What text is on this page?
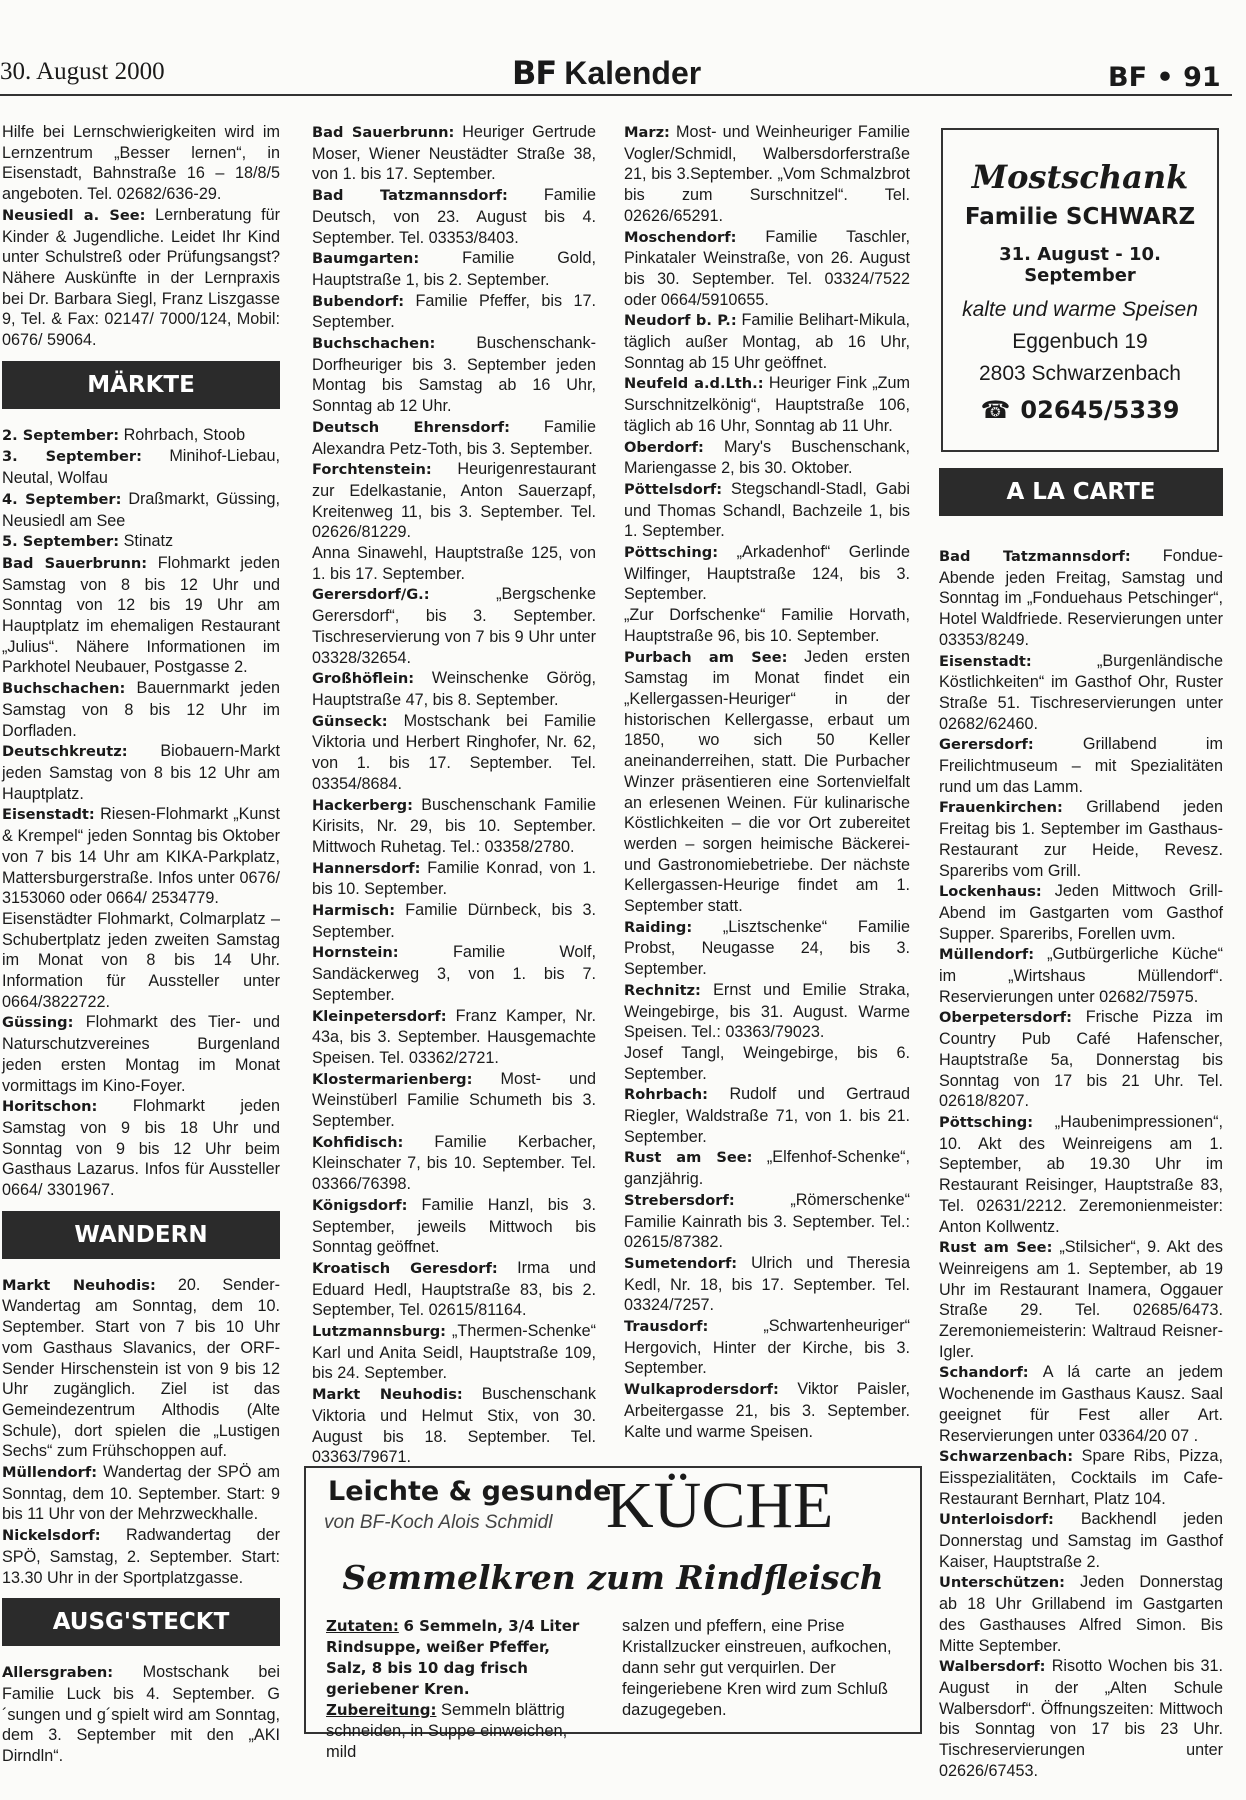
30. August 2000	BF Kalender	BF • 91

Hilfe bei Lernschwierigkeiten wird im Lernzentrum „Besser lernen“, in Eisenstadt, Bahnstraße 16 – 18/8/5 angeboten. Tel. 02682/636-29.

Neusiedl a. See: Lernberatung für Kinder & Jugendliche. Leidet Ihr Kind unter Schulstreß oder Prüfungsangst? Nähere Auskünfte in der Lernpraxis bei Dr. Barbara Siegl, Franz Liszgasse 9, Tel. & Fax: 02147/ 7000/124, Mobil: 0676/ 59064.

MÄRKTE

2. September: Rohrbach, Stoob

3. September: Minihof-Liebau, Neutal, Wolfau

4. September: Draßmarkt, Güssing, Neusiedl am See

5. September: Stinatz

Bad Sauerbrunn: Flohmarkt jeden Samstag von 8 bis 12 Uhr und Sonntag von 12 bis 19 Uhr am Hauptplatz im ehemaligen Restaurant „Julius“. Nähere Informationen im Parkhotel Neubauer, Postgasse 2.

Buchschachen: Bauernmarkt jeden Samstag von 8 bis 12 Uhr im Dorfladen.

Deutschkreutz: Biobauern-Markt jeden Samstag von 8 bis 12 Uhr am Hauptplatz.

Eisenstadt: Riesen-Flohmarkt „Kunst & Krempel“ jeden Sonntag bis Oktober von 7 bis 14 Uhr am KIKA-Parkplatz, Mattersburgerstraße. Infos unter 0676/ 3153060 oder 0664/ 2534779.

Eisenstädter Flohmarkt, Colmarplatz – Schubertplatz jeden zweiten Samstag im Monat von 8 bis 14 Uhr. Information für Aussteller unter 0664/3822722.

Güssing: Flohmarkt des Tier- und Naturschutzvereines Burgenland jeden ersten Montag im Monat vormittags im Kino-Foyer.

Horitschon: Flohmarkt jeden Samstag von 9 bis 18 Uhr und Sonntag von 9 bis 12 Uhr beim Gasthaus Lazarus. Infos für Aussteller 0664/ 3301967.

WANDERN

Markt Neuhodis: 20. Sender-Wandertag am Sonntag, dem 10. September. Start von 7 bis 10 Uhr vom Gasthaus Slavanics, der ORF-Sender Hirschenstein ist von 9 bis 12 Uhr zugänglich. Ziel ist das Gemeindezentrum Althodis (Alte Schule), dort spielen die „Lustigen Sechs“ zum Frühschoppen auf.

Müllendorf: Wandertag der SPÖ am Sonntag, dem 10. September. Start: 9 bis 11 Uhr von der Mehrzweckhalle.

Nickelsdorf: Radwandertag der SPÖ, Samstag, 2. September. Start: 13.30 Uhr in der Sportplatzgasse.

AUSG'STECKT

Allersgraben: Mostschank bei Familie Luck bis 4. September. G´sungen und g´spielt wird am Sonntag, dem 3. September mit den „AKI Dirndln“.

Bad Sauerbrunn: Heuriger Gertrude Moser, Wiener Neustädter Straße 38, von 1. bis 17. September.

Bad Tatzmannsdorf: Familie Deutsch, von 23. August bis 4. September. Tel. 03353/8403.

Baumgarten:	Familie Gold, Hauptstraße 1, bis 2. September.

Bubendorf: Familie Pfeffer, bis 17. September.

Buchschachen:	Buschenschank-Dorfheuriger bis 3. September jeden Montag bis Samstag ab 16 Uhr, Sonntag ab 12 Uhr.

Deutsch Ehrensdorf: Familie Alexandra Petz-Toth, bis 3. September.

Forchtenstein: Heurigenrestaurant zur Edelkastanie, Anton Sauerzapf, Kreitenweg 11, bis 3. September. Tel. 02626/81229.

Anna Sinawehl, Hauptstraße 125, von 1. bis 17. September.

Gerersdorf/G.:	„Bergschenke Gerersdorf“, bis 3. September. Tischreservierung von 7 bis 9 Uhr unter 03328/32654.

Großhöflein: Weinschenke Görög, Hauptstraße 47, bis 8. September.

Günseck: Mostschank bei Familie Viktoria und Herbert Ringhofer, Nr. 62, von 1. bis 17. September. Tel. 03354/8684.

Hackerberg: Buschenschank Familie Kirisits, Nr. 29, bis 10. September. Mittwoch Ruhetag. Tel.: 03358/2780.

Hannersdorf: Familie Konrad, von 1. bis 10. September.

Harmisch: Familie Dürnbeck, bis 3. September.

Hornstein:	Familie Wolf, Sandäckerweg 3, von 1. bis 7. September.

Kleinpetersdorf: Franz Kamper, Nr. 43a, bis 3. September. Hausgemachte Speisen. Tel. 03362/2721.

Klostermarienberg: Most- und Weinstüberl Familie Schumeth bis 3. September.

Kohfidisch: Familie Kerbacher, Kleinschater 7, bis 10. September. Tel. 03366/76398.

Königsdorf: Familie Hanzl, bis 3. September, jeweils Mittwoch bis Sonntag geöffnet.

Kroatisch Geresdorf: Irma und Eduard Hedl, Hauptstraße 83, bis 2. September, Tel. 02615/81164.

Lutzmannsburg: „Thermen-Schenke“ Karl und Anita Seidl, Hauptstraße 109, bis 24. September.

Markt Neuhodis: Buschenschank Viktoria und Helmut Stix, von 30. August bis 18. September. Tel. 03363/79671.

Marz: Most- und Weinheuriger Familie Vogler/Schmidl, Walbersdorferstraße 21, bis 3.September. „Vom Schmalzbrot bis zum Surschnitzel“. Tel. 02626/65291.

Moschendorf: Familie Taschler, Pinkataler Weinstraße, von 26. August bis 30. September. Tel. 03324/7522 oder 0664/5910655.

Neudorf b. P.: Familie Belihart-Mikula, täglich außer Montag, ab 16 Uhr, Sonntag ab 15 Uhr geöffnet.

Neufeld a.d.Lth.: Heuriger Fink „Zum Surschnitzelkönig“, Hauptstraße 106, täglich ab 16 Uhr, Sonntag ab 11 Uhr.

Oberdorf: Mary's Buschenschank, Mariengasse 2, bis 30. Oktober.

Pöttelsdorf: Stegschandl-Stadl, Gabi und Thomas Schandl, Bachzeile 1, bis 1. September.

Pöttsching: „Arkadenhof“ Gerlinde Wilfinger, Hauptstraße 124, bis 3. September.

„Zur Dorfschenke“ Familie Horvath, Hauptstraße 96, bis 10. September.

Purbach am See: Jeden ersten Samstag im Monat findet ein „Kellergassen-Heuriger“ in der historischen Kellergasse, erbaut um 1850, wo sich 50 Keller aneinanderreihen, statt. Die Purbacher Winzer präsentieren eine Sortenvielfalt an erlesenen Weinen. Für kulinarische Köstlichkeiten – die vor Ort zubereitet werden – sorgen heimische Bäckerei- und Gastronomiebetriebe. Der nächste Kellergassen-Heurige findet am 1. September statt.

Raiding: „Lisztschenke“ Familie Probst, Neugasse 24, bis 3. September.

Rechnitz: Ernst und Emilie Straka, Weingebirge, bis 31. August. Warme Speisen. Tel.: 03363/79023.

Josef Tangl, Weingebirge, bis 6. September.

Rohrbach: Rudolf und Gertraud Riegler, Waldstraße 71, von 1. bis 21. September.

Rust am See: „Elfenhof-Schenke“, ganzjährig.

Strebersdorf:	„Römerschenke“ Familie Kainrath bis 3. September. Tel.: 02615/87382.

Sumetendorf: Ulrich und Theresia Kedl, Nr. 18, bis 17. September. Tel. 03324/7257.

Trausdorf:	„Schwartenheuriger“ Hergovich, Hinter der Kirche, bis 3. September.

Wulkaprodersdorf: Viktor Paisler, Arbeitergasse 21, bis 3. September. Kalte und warme Speisen.

Mostschank
Familie SCHWARZ
31. August - 10. September
kalte und warme Speisen
Eggenbuch 19
2803 Schwarzenbach
☎ 02645/5339
A LA CARTE

Bad Tatzmannsdorf: Fondue-Abende jeden Freitag, Samstag und Sonntag im „Fonduehaus Petschinger“, Hotel Waldfriede. Reservierungen unter 03353/8249.

Eisenstadt:	„Burgenländische Köstlichkeiten“ im Gasthof Ohr, Ruster Straße 51. Tischreservierungen unter 02682/62460.

Gerersdorf:	Grillabend im Freilichtmuseum – mit Spezialitäten rund um das Lamm.

Frauenkirchen: Grillabend jeden Freitag bis 1. September im Gasthaus-Restaurant zur Heide, Revesz. Spareribs vom Grill.

Lockenhaus: Jeden Mittwoch Grill-Abend im Gastgarten vom Gasthof Supper. Spareribs, Forellen uvm.

Müllendorf: „Gutbürgerliche Küche“ im „Wirtshaus Müllendorf“. Reservierungen unter 02682/75975.

Oberpetersdorf: Frische Pizza im Country Pub Café Hafenscher, Hauptstraße 5a, Donnerstag bis Sonntag von 17 bis 21 Uhr. Tel. 02618/8207.

Pöttsching: „Haubenimpressionen“, 10. Akt des Weinreigens am 1. September, ab 19.30 Uhr im Restaurant Reisinger, Hauptstraße 83, Tel. 02631/2212. Zeremonienmeister: Anton Kollwentz.

Rust am See: „Stilsicher“, 9. Akt des Weinreigens am 1. September, ab 19 Uhr im Restaurant Inamera, Oggauer Straße 29. Tel. 02685/6473. Zeremoniemeisterin: Waltraud Reisner-Igler.

Schandorf: A lá carte an jedem Wochenende im Gasthaus Kausz. Saal geeignet für Fest aller Art. Reservierungen unter 03364/20 07 .

Schwarzenbach: Spare Ribs, Pizza, Eisspezialitäten, Cocktails im Cafe-Restaurant Bernhart, Platz 104.

Unterloisdorf: Backhendl jeden Donnerstag und Samstag im Gasthof Kaiser, Hauptstraße 2.

Unterschützen: Jeden Donnerstag ab 18 Uhr Grillabend im Gastgarten des Gasthauses Alfred Simon. Bis Mitte September.

Walbersdorf: Risotto Wochen bis 31. August in der „Alten Schule Walbersdorf“. Öffnungszeiten: Mittwoch bis Sonntag von 17 bis 23 Uhr. Tischreservierungen unter 02626/67453.

Leichte & gesunde
von BF-Koch Alois Schmidl KÜCHE
Semmelkren zum Rindfleisch
Zutaten: 6 Semmeln, 3/4 Liter Rindsuppe, weißer Pfeffer, Salz, 8 bis 10 dag frisch geriebener Kren.
Zubereitung: Semmeln blättrig schneiden, in Suppe einweichen, mild
salzen und pfeffern, eine Prise Kristallzucker einstreuen, aufkochen, dann sehr gut verquirlen. Der feingeriebene Kren wird zum Schluß dazugegeben.
